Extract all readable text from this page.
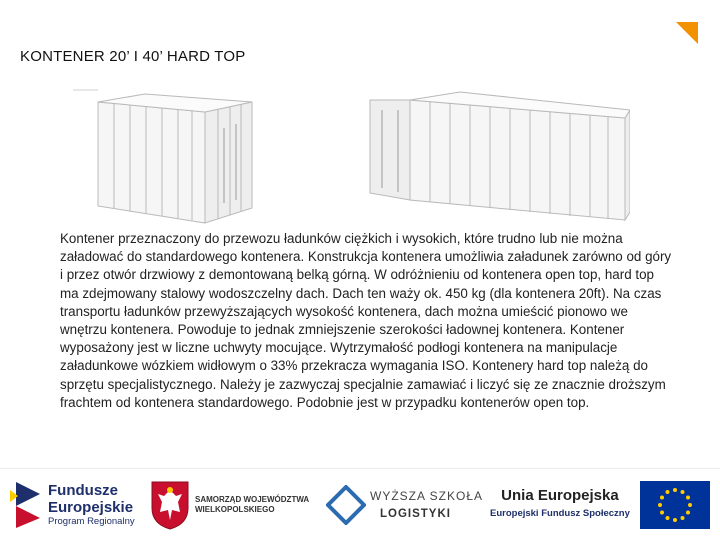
KONTENER 20’ I 40’ HARD TOP
Kontener przeznaczony do przewozu ładunków ciężkich i wysokich, które trudno lub nie można załadować do standardowego kontenera. Konstrukcja kontenera umożliwia załadunek zarówno od góry i przez otwór drzwiowy z demontowaną belką górną. W odróżnieniu od kontenera open top, hard top ma zdejmowany stalowy wodoszczelny dach. Dach ten waży ok. 450 kg (dla kontenera 20ft). Na czas transportu ładunków przewyższających wysokość kontenera, dach można umieścić pionowo we wnętrzu kontenera. Powoduje to jednak zmniejszenie szerokości ładownej kontenera. Kontener wyposażony jest w liczne uchwyty mocujące. Wytrzymałość podłogi kontenera na manipulacje załadunkowe wózkiem widłowym o 33% przekracza wymagania ISO. Kontenery hard top należą do sprzętu specjalistycznego. Należy je zazwyczaj specjalnie zamawiać i liczyć się ze znacznie droższym frachtem od kontenera standardowego. Podobnie jest w przypadku kontenerów open top.
Fundusze
Europejskie
Program Regionalny
SAMORZĄD WOJEWÓDZTWA
WIELKOPOLSKIEGO
WYŻSZA SZKOŁA
LOGISTYKI
Unia Europejska
Europejski Fundusz Społeczny
